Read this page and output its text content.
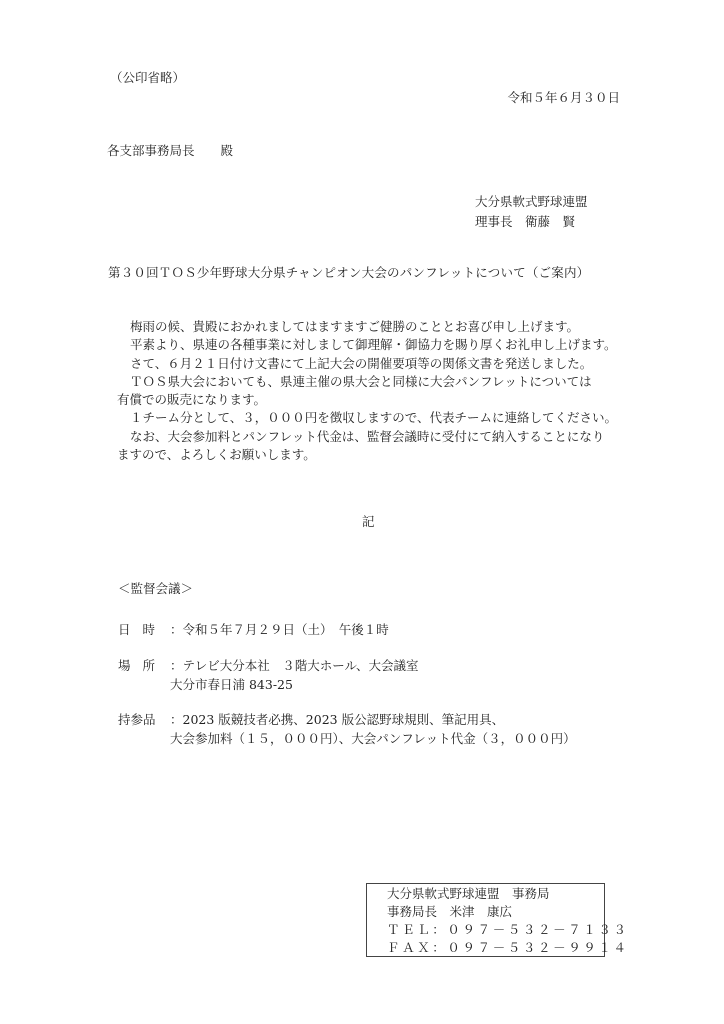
（公印省略）
令和５年６月３０日
各支部事務局長 殿
大分県軟式野球連盟
理事長　衛藤　賢
第３０回ＴＯＳ少年野球大分県チャンピオン大会のパンフレットについて（ご案内）

梅雨の候、貴殿におかれましてはますますご健勝のこととお喜び申し上げます。

平素より、県連の各種事業に対しまして御理解・御協力を賜り厚くお礼申し上げます。

さて、６月２１日付け文書にて上記大会の開催要項等の関係文書を発送しました。

ＴＯＳ県大会においても、県連主催の県大会と同様に大会パンフレットについては

有償での販売になります。

１チーム分として、３，０００円を徴収しますので、代表チームに連絡してください。

なお、大会参加料とパンフレット代金は、監督会議時に受付にて納入することになり

ますので、よろしくお願いします。

記
＜監督会議＞
日 時 ：令和５年７月２９日（土）　午後１時
場 所 ：テレビ大分本社　３階大ホール、大会議室
大分市春日浦 843-25
持参品 ：2023 版競技者必携、2023 版公認野球規則、筆記用具、
大会参加料（１５，０００円）、大会パンフレット代金（３，０００円）
大分県軟式野球連盟　事務局
事務局長　米津　康広
ＴＥＬ：０９７－５３２－７１３３
ＦＡＸ：０９７－５３２－９９１４
